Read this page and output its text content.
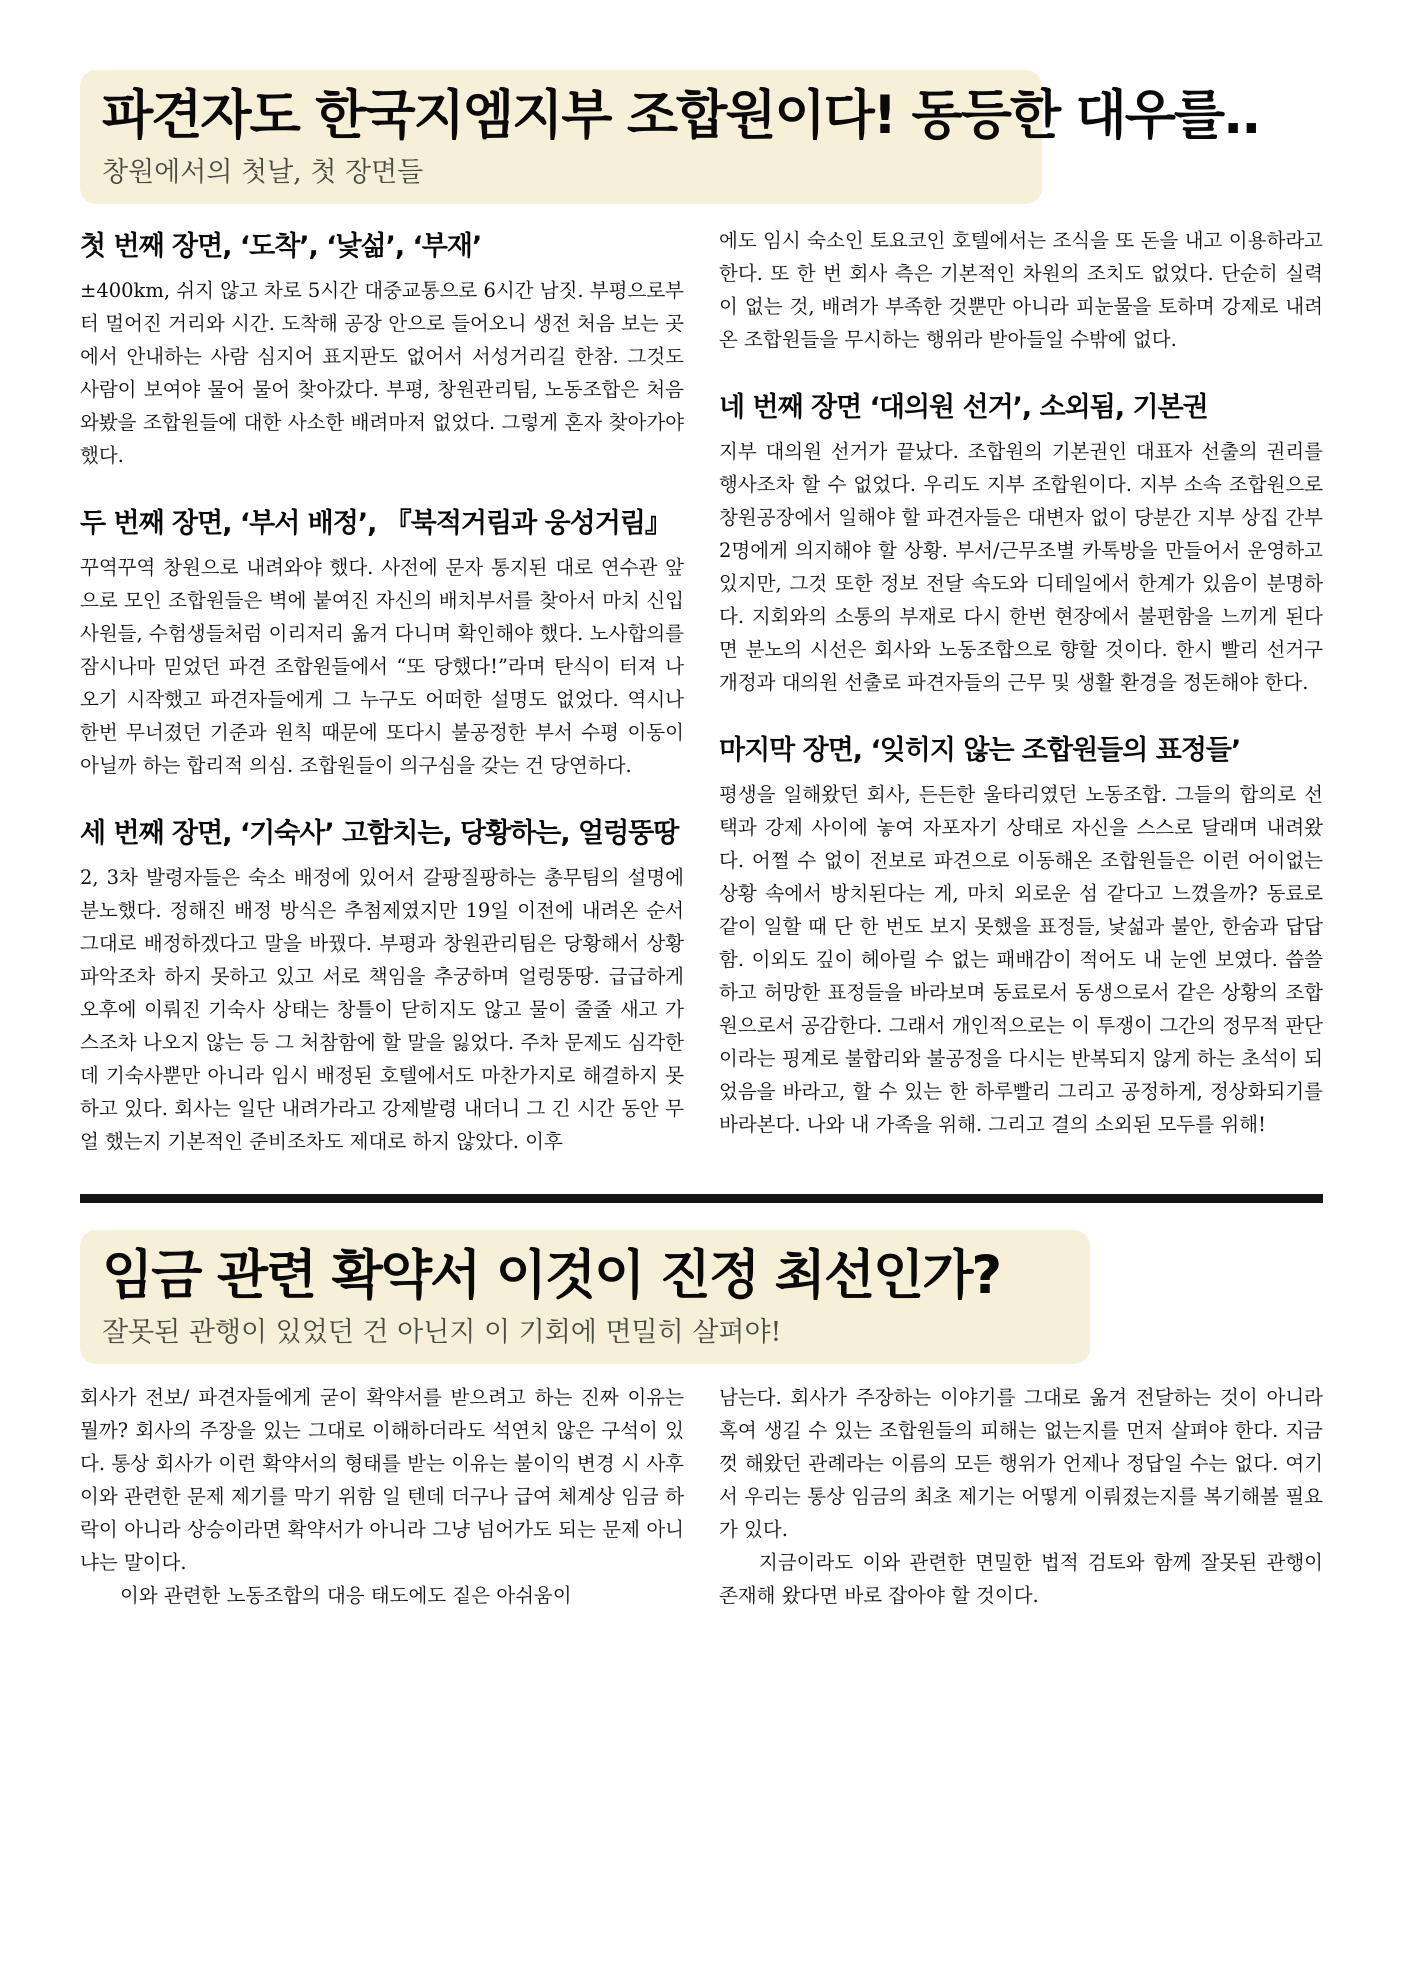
파견자도 한국지엠지부 조합원이다! 동등한 대우를..
창원에서의 첫날, 첫 장면들
첫 번째 장면, ‘도착’, ‘낯섦’, ‘부재’

±400km, 쉬지 않고 차로 5시간 대중교통으로 6시간 남짓. 부평으로부터 멀어진 거리와 시간. 도착해 공장 안으로 들어오니 생전 처음 보는 곳에서 안내하는 사람 심지어 표지판도 없어서 서성거리길 한참. 그것도 사람이 보여야 물어 물어 찾아갔다. 부평, 창원관리팀, 노동조합은 처음 와봤을 조합원들에 대한 사소한 배려마저 없었다. 그렇게 혼자 찾아가야 했다.

두 번째 장면, ‘부서 배정’, 『북적거림과 웅성거림』

꾸역꾸역 창원으로 내려와야 했다. 사전에 문자 통지된 대로 연수관 앞으로 모인 조합원들은 벽에 붙여진 자신의 배치부서를 찾아서 마치 신입사원들, 수험생들처럼 이리저리 옮겨 다니며 확인해야 했다. 노사합의를 잠시나마 믿었던 파견 조합원들에서 “또 당했다!”라며 탄식이 터져 나오기 시작했고 파견자들에게 그 누구도 어떠한 설명도 없었다. 역시나 한번 무너졌던 기준과 원칙 때문에 또다시 불공정한 부서 수평 이동이 아닐까 하는 합리적 의심. 조합원들이 의구심을 갖는 건 당연하다.

세 번째 장면, ‘기숙사’ 고함치는, 당황하는, 얼렁뚱땅

2, 3차 발령자들은 숙소 배정에 있어서 갈팡질팡하는 총무팀의 설명에 분노했다. 정해진 배정 방식은 추첨제였지만 19일 이전에 내려온 순서 그대로 배정하겠다고 말을 바꿨다. 부평과 창원관리팀은 당황해서 상황파악조차 하지 못하고 있고 서로 책임을 추궁하며 얼렁뚱땅. 급급하게 오후에 이뤄진 기숙사 상태는 창틀이 닫히지도 않고 물이 줄줄 새고 가스조차 나오지 않는 등 그 처참함에 할 말을 잃었다. 주차 문제도 심각한데 기숙사뿐만 아니라 임시 배정된 호텔에서도 마찬가지로 해결하지 못하고 있다. 회사는 일단 내려가라고 강제발령 내더니 그 긴 시간 동안 무얼 했는지 기본적인 준비조차도 제대로 하지 않았다. 이후

에도 임시 숙소인 토요코인 호텔에서는 조식을 또 돈을 내고 이용하라고 한다. 또 한 번 회사 측은 기본적인 차원의 조치도 없었다. 단순히 실력이 없는 것, 배려가 부족한 것뿐만 아니라 피눈물을 토하며 강제로 내려온 조합원들을 무시하는 행위라 받아들일 수밖에 없다.

네 번째 장면 ‘대의원 선거’, 소외됨, 기본권

지부 대의원 선거가 끝났다. 조합원의 기본권인 대표자 선출의 권리를 행사조차 할 수 없었다. 우리도 지부 조합원이다. 지부 소속 조합원으로 창원공장에서 일해야 할 파견자들은 대변자 없이 당분간 지부 상집 간부 2명에게 의지해야 할 상황. 부서/근무조별 카톡방을 만들어서 운영하고 있지만, 그것 또한 정보 전달 속도와 디테일에서 한계가 있음이 분명하다. 지회와의 소통의 부재로 다시 한번 현장에서 불편함을 느끼게 된다면 분노의 시선은 회사와 노동조합으로 향할 것이다. 한시 빨리 선거구 개정과 대의원 선출로 파견자들의 근무 및 생활 환경을 정돈해야 한다.

마지막 장면, ‘잊히지 않는 조합원들의 표정들’

평생을 일해왔던 회사, 든든한 울타리였던 노동조합. 그들의 합의로 선택과 강제 사이에 놓여 자포자기 상태로 자신을 스스로 달래며 내려왔다. 어쩔 수 없이 전보로 파견으로 이동해온 조합원들은 이런 어이없는 상황 속에서 방치된다는 게, 마치 외로운 섬 같다고 느꼈을까? 동료로 같이 일할 때 단 한 번도 보지 못했을 표정들, 낯섦과 불안, 한숨과 답답함. 이외도 깊이 헤아릴 수 없는 패배감이 적어도 내 눈엔 보였다. 씁쓸하고 허망한 표정들을 바라보며 동료로서 동생으로서 같은 상황의 조합원으로서 공감한다. 그래서 개인적으로는 이 투쟁이 그간의 정무적 판단이라는 핑계로 불합리와 불공정을 다시는 반복되지 않게 하는 초석이 되었음을 바라고, 할 수 있는 한 하루빨리 그리고 공정하게, 정상화되기를 바라본다. 나와 내 가족을 위해. 그리고 결의 소외된 모두를 위해!

임금 관련 확약서 이것이 진정 최선인가?
잘못된 관행이 있었던 건 아닌지 이 기회에 면밀히 살펴야!

회사가 전보/ 파견자들에게 굳이 확약서를 받으려고 하는 진짜 이유는 뭘까? 회사의 주장을 있는 그대로 이해하더라도 석연치 않은 구석이 있다. 통상 회사가 이런 확약서의 형태를 받는 이유는 불이익 변경 시 사후 이와 관련한 문제 제기를 막기 위함 일 텐데 더구나 급여 체계상 임금 하락이 아니라 상승이라면 확약서가 아니라 그냥 넘어가도 되는 문제 아니냐는 말이다.

이와 관련한 노동조합의 대응 태도에도 짙은 아쉬움이

남는다. 회사가 주장하는 이야기를 그대로 옮겨 전달하는 것이 아니라 혹여 생길 수 있는 조합원들의 피해는 없는지를 먼저 살펴야 한다. 지금껏 해왔던 관례라는 이름의 모든 행위가 언제나 정답일 수는 없다. 여기서 우리는 통상 임금의 최초 제기는 어떻게 이뤄졌는지를 복기해볼 필요가 있다.

지금이라도 이와 관련한 면밀한 법적 검토와 함께 잘못된 관행이 존재해 왔다면 바로 잡아야 할 것이다.
